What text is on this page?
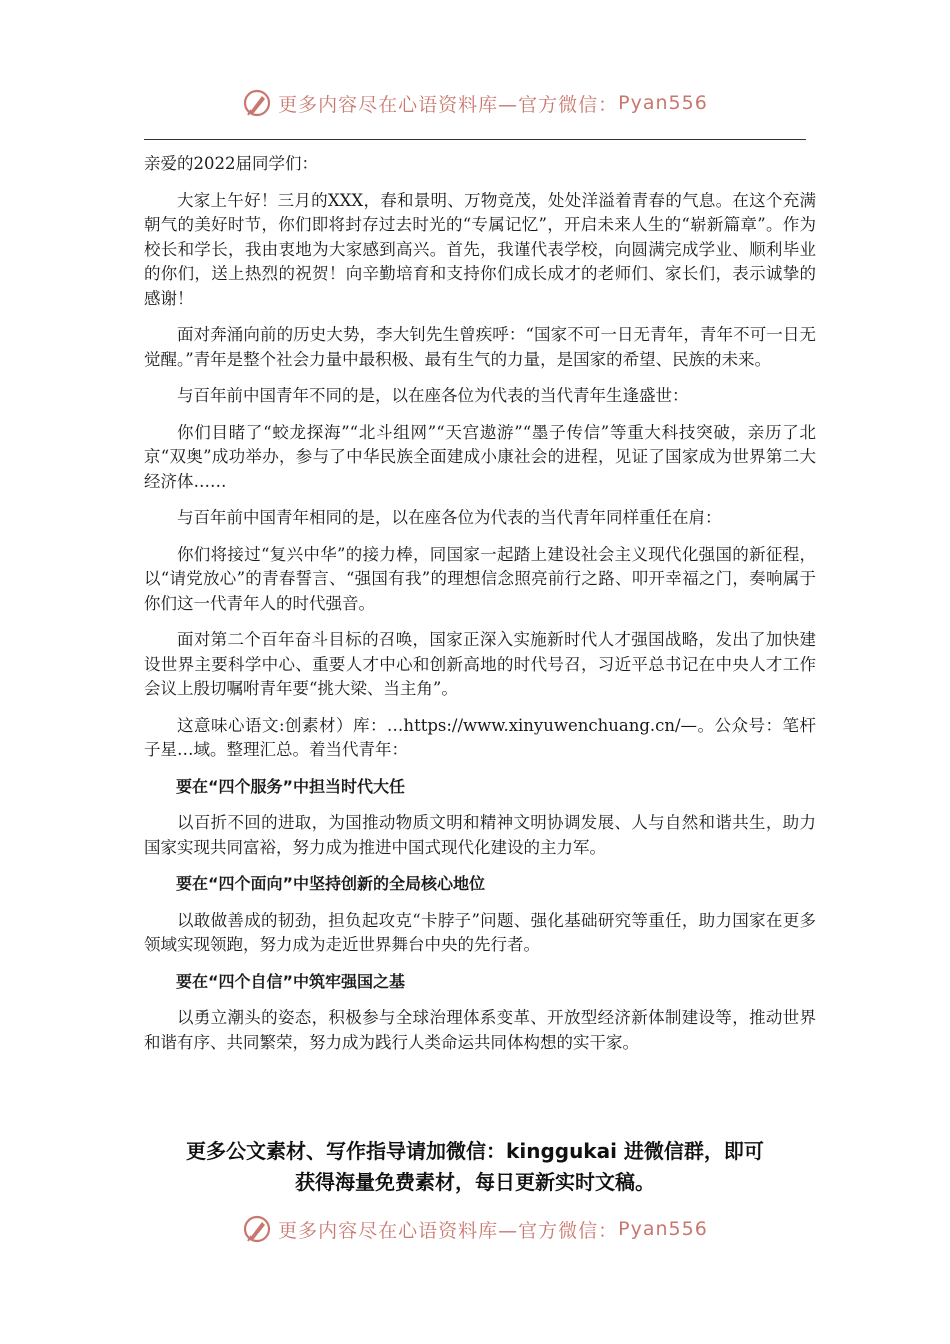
更多内容尽在心语资料库—官方微信： Pyan556

亲爱的2022届同学们：

大家上午好！三月的XXX，春和景明、万物竞茂，处处洋溢着青春的气息。在这个充满朝气的美好时节，你们即将封存过去时光的“专属记忆”，开启未来人生的“崭新篇章”。作为校长和学长，我由衷地为大家感到高兴。首先，我谨代表学校，向圆满完成学业、顺利毕业的你们，送上热烈的祝贺！向辛勤培育和支持你们成长成才的老师们、家长们，表示诚挚的感谢！

面对奔涌向前的历史大势，李大钊先生曾疾呼：“国家不可一日无青年，青年不可一日无觉醒。”青年是整个社会力量中最积极、最有生气的力量，是国家的希望、民族的未来。

与百年前中国青年不同的是，以在座各位为代表的当代青年生逢盛世：

你们目睹了“蛟龙探海”“北斗组网”“天宫遨游”“墨子传信”等重大科技突破，亲历了北京“双奥”成功举办，参与了中华民族全面建成小康社会的进程，见证了国家成为世界第二大经济体……

与百年前中国青年相同的是，以在座各位为代表的当代青年同样重任在肩：

你们将接过“复兴中华”的接力棒，同国家一起踏上建设社会主义现代化强国的新征程，以“请党放心”的青春誓言、“强国有我”的理想信念照亮前行之路、叩开幸福之门，奏响属于你们这一代青年人的时代强音。

面对第二个百年奋斗目标的召唤，国家正深入实施新时代人才强国战略，发出了加快建设世界主要科学中心、重要人才中心和创新高地的时代号召，习近平总书记在中央人才工作会议上殷切嘱咐青年要“挑大梁、当主角”。

这意味心语文:创素材）库：…https://www.xinyuwenchuang.cn/—。公众号：笔杆子星…域。整理汇总。着当代青年：

要在“四个服务”中担当时代大任

以百折不回的进取，为国推动物质文明和精神文明协调发展、人与自然和谐共生，助力国家实现共同富裕，努力成为推进中国式现代化建设的主力军。

要在“四个面向”中坚持创新的全局核心地位

以敢做善成的韧劲，担负起攻克“卡脖子”问题、强化基础研究等重任，助力国家在更多领域实现领跑，努力成为走近世界舞台中央的先行者。

要在“四个自信”中筑牢强国之基

以勇立潮头的姿态，积极参与全球治理体系变革、开放型经济新体制建设等，推动世界和谐有序、共同繁荣，努力成为践行人类命运共同体构想的实干家。

更多公文素材、写作指导请加微信：kinggukai 进微信群，即可
获得海量免费素材，每日更新实时文稿。
更多内容尽在心语资料库—官方微信： Pyan556
